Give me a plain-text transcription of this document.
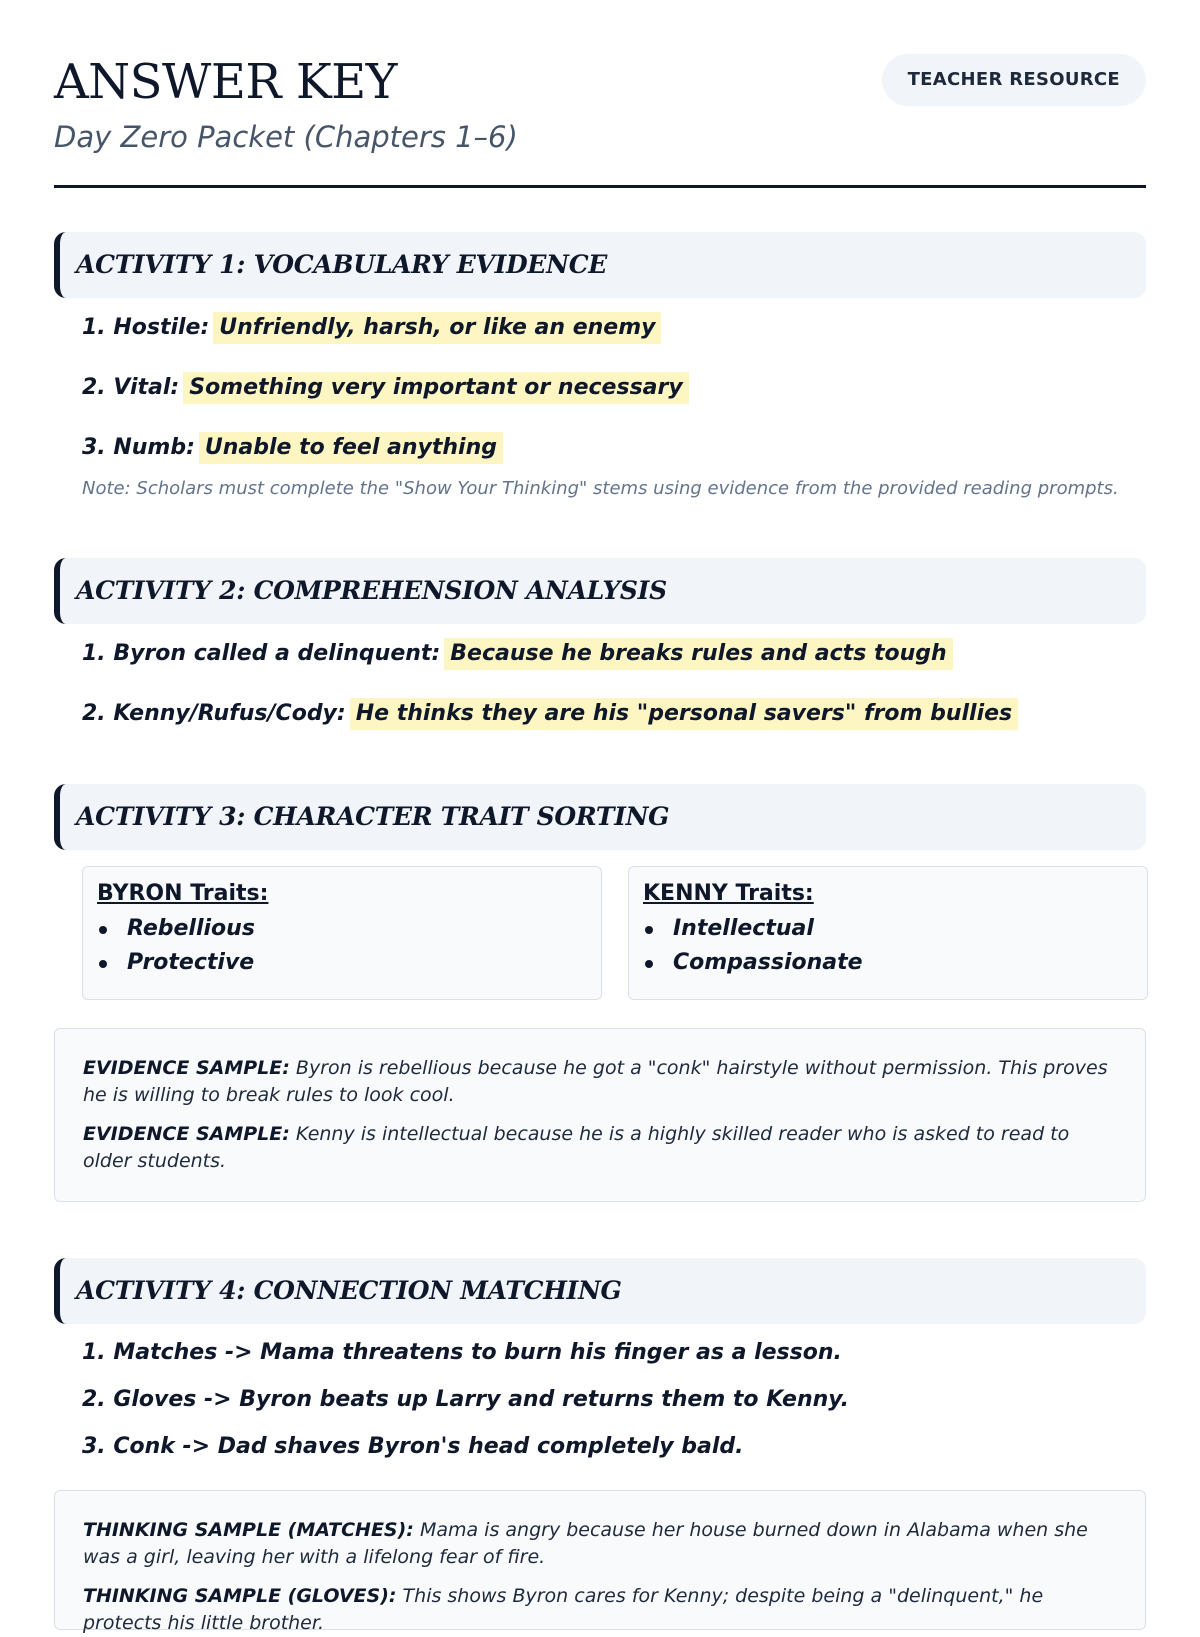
ANSWER KEY
Day Zero Packet (Chapters 1–6)
TEACHER RESOURCE
ACTIVITY 1: VOCABULARY EVIDENCE
1. Hostile: Unfriendly, harsh, or like an enemy
2. Vital: Something very important or necessary
3. Numb: Unable to feel anything
Note: Scholars must complete the "Show Your Thinking" stems using evidence from the provided reading prompts.
ACTIVITY 2: COMPREHENSION ANALYSIS
1. Byron called a delinquent: Because he breaks rules and acts tough
2. Kenny/Rufus/Cody: He thinks they are his "personal savers" from bullies
ACTIVITY 3: CHARACTER TRAIT SORTING
BYRON Traits:
Rebellious
Protective
KENNY Traits:
Intellectual
Compassionate

EVIDENCE SAMPLE: Byron is rebellious because he got a "conk" hairstyle without permission. This proves he is willing to break rules to look cool.

EVIDENCE SAMPLE: Kenny is intellectual because he is a highly skilled reader who is asked to read to older students.

ACTIVITY 4: CONNECTION MATCHING
1. Matches -> Mama threatens to burn his finger as a lesson.
2. Gloves -> Byron beats up Larry and returns them to Kenny.
3. Conk -> Dad shaves Byron's head completely bald.

THINKING SAMPLE (MATCHES): Mama is angry because her house burned down in Alabama when she was a girl, leaving her with a lifelong fear of fire.

THINKING SAMPLE (GLOVES): This shows Byron cares for Kenny; despite being a "delinquent," he protects his little brother.
